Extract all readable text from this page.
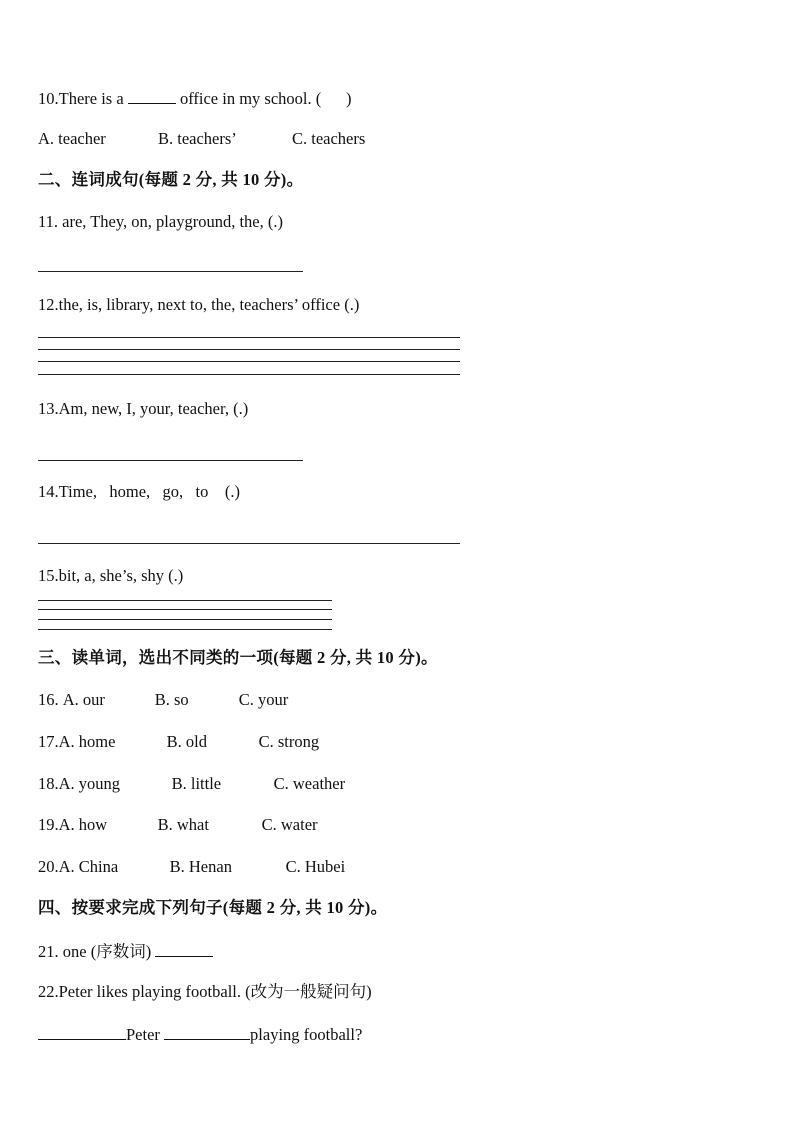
10.There is a	office in my school. ( )
A. teacher	B. teachers’	C. teachers
二、连词成句(每题 2 分, 共 10 分)。
11. are, They, on, playground, the, (.)
12.the, is, library, next to, the, teachers’ office (.)
13.Am, new, I, your, teacher, (.)
14.Time,   home,   go,   to    (.)
15.bit, a, she’s, shy (.)
三、读单词，选出不同类的一项(每题 2 分, 共 10 分)。
16. A. our	B. so	C. your
17.A. home	B. old	C. strong
18.A. young	B. little	C. weather
19.A. how	B. what	C. water
20.A. China	B. Henan	C. Hubei
四、按要求完成下列句子(每题 2 分, 共 10 分)。
21. one (序数词)
22.Peter likes playing football. (改为一般疑问句)
Peter	playing football?
